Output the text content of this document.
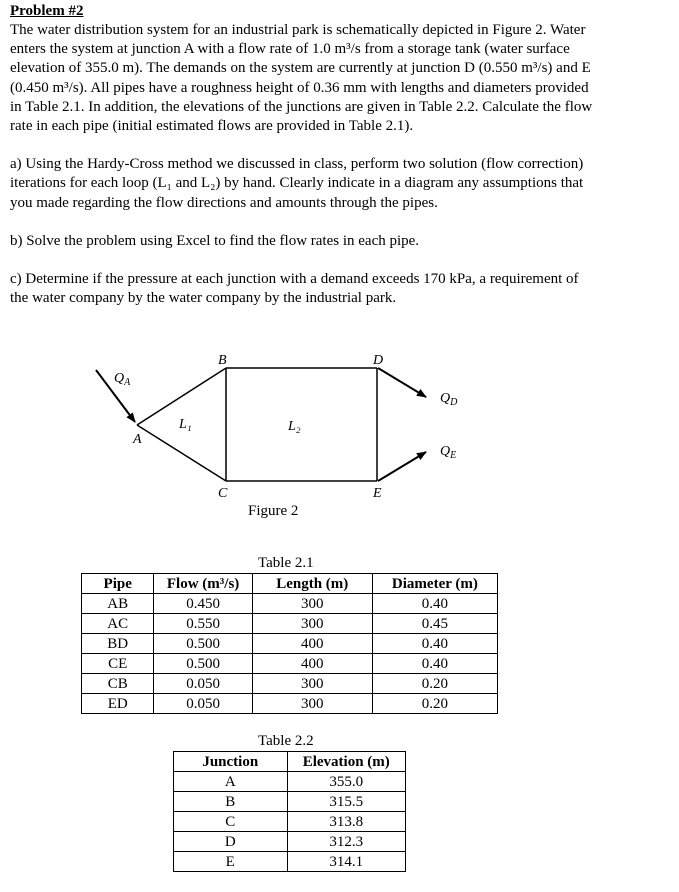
Problem #2
The water distribution system for an industrial park is schematically depicted in Figure 2. Water
enters the system at junction A with a flow rate of 1.0 m³/s from a storage tank (water surface
elevation of 355.0 m). The demands on the system are currently at junction D (0.550 m³/s) and E
(0.450 m³/s). All pipes have a roughness height of 0.36 mm with lengths and diameters provided
in Table 2.1. In addition, the elevations of the junctions are given in Table 2.2. Calculate the flow
rate in each pipe (initial estimated flows are provided in Table 2.1).
a) Using the Hardy-Cross method we discussed in class, perform two solution (flow correction)
iterations for each loop (L₁ and L₂) by hand. Clearly indicate in a diagram any assumptions that
you made regarding the flow directions and amounts through the pipes.
b) Solve the problem using Excel to find the flow rates in each pipe.
c) Determine if the pressure at each junction with a demand exceeds 170 kPa, a requirement of
the water company by the water company by the industrial park.
B	D
A
C	E
L₁	L₂
$Q_A$
$Q_D$
$Q_E$
Figure 2
Table 2.1
Pipe	Flow (m³/s)	Length (m)	Diameter (m)
AB	0.450	300	0.40
AC	0.550	300	0.45
BD	0.500	400	0.40
CE	0.500	400	0.40
CB	0.050	300	0.20
ED	0.050	300	0.20
Table 2.2
Junction	Elevation (m)
A	355.0
B	315.5
C	313.8
D	312.3
E	314.1
